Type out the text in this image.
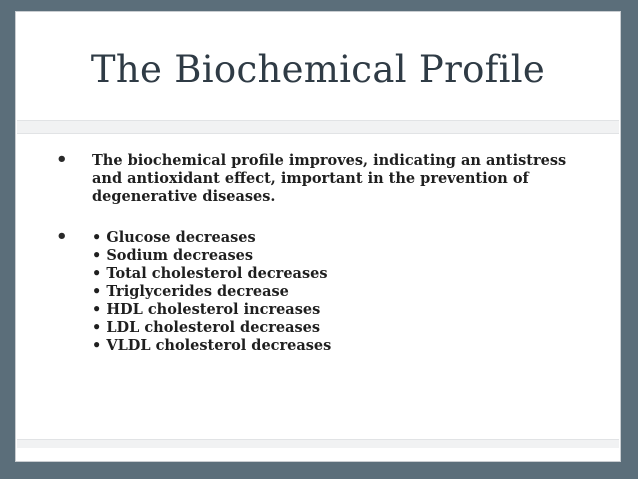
The Biochemical Profile
• The biochemical profile improves, indicating an antistress
and antioxidant effect, important in the prevention of
degenerative diseases.
• • Glucose decreases
• Sodium decreases
• Total cholesterol decreases
• Triglycerides decrease
• HDL cholesterol increases
• LDL cholesterol decreases
• VLDL cholesterol decreases
